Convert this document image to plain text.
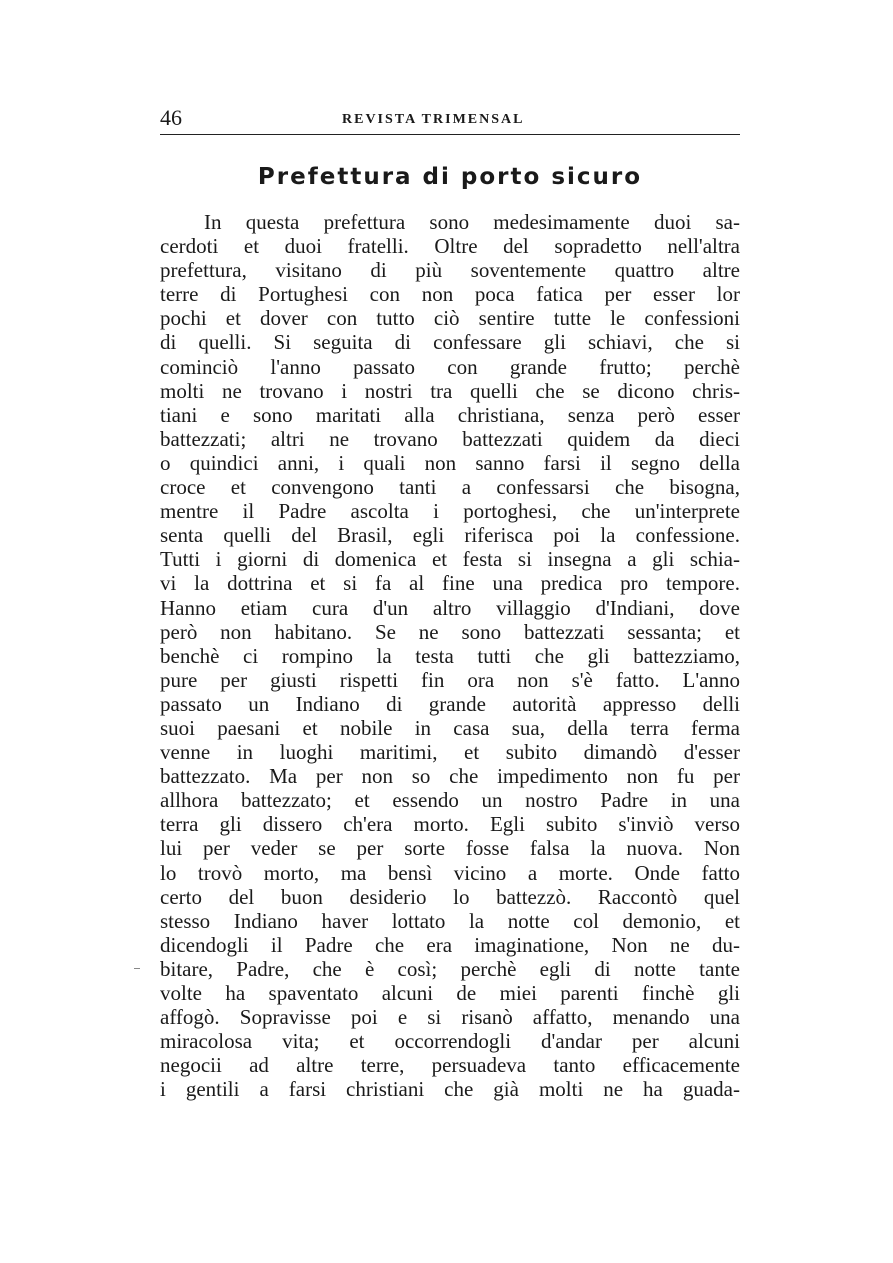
46	REVISTA TRIMENSAL
Prefettura di porto sicuro
In questa prefettura sono medesimamente duoi sa-
cerdoti et duoi fratelli. Oltre del sopradetto nell'altra
prefettura, visitano di più soventemente quattro altre
terre di Portughesi con non poca fatica per esser lor
pochi et dover con tutto ciò sentire tutte le confessioni
di quelli. Si seguita di confessare gli schiavi, che si
cominciò l'anno passato con grande frutto; perchè
molti ne trovano i nostri tra quelli che se dicono chris-
tiani e sono maritati alla christiana, senza però esser
battezzati; altri ne trovano battezzati quidem da dieci
o quindici anni, i quali non sanno farsi il segno della
croce et convengono tanti a confessarsi che bisogna,
mentre il Padre ascolta i portoghesi, che un'interprete
senta quelli del Brasil, egli riferisca poi la confessione.
Tutti i giorni di domenica et festa si insegna a gli schia-
vi la dottrina et si fa al fine una predica pro tempore.
Hanno etiam cura d'un altro villaggio d'Indiani, dove
però non habitano. Se ne sono battezzati sessanta; et
benchè ci rompino la testa tutti che gli battezziamo,
pure per giusti rispetti fin ora non s'è fatto. L'anno
passato un Indiano di grande autorità appresso delli
suoi paesani et nobile in casa sua, della terra ferma
venne in luoghi maritimi, et subito dimandò d'esser
battezzato. Ma per non so che impedimento non fu per
allhora battezzato; et essendo un nostro Padre in una
terra gli dissero ch'era morto. Egli subito s'inviò verso
lui per veder se per sorte fosse falsa la nuova. Non
lo trovò morto, ma bensì vicino a morte. Onde fatto
certo del buon desiderio lo battezzò. Raccontò quel
stesso Indiano haver lottato la notte col demonio, et
dicendogli il Padre che era imaginatione, Non ne du-
bitare, Padre, che è così; perchè egli di notte tante
volte ha spaventato alcuni de miei parenti finchè gli
affogò. Sopravisse poi e si risanò affatto, menando una
miracolosa vita; et occorrendogli d'andar per alcuni
negocii ad altre terre, persuadeva tanto efficacemente
i gentili a farsi christiani che già molti ne ha guada-
